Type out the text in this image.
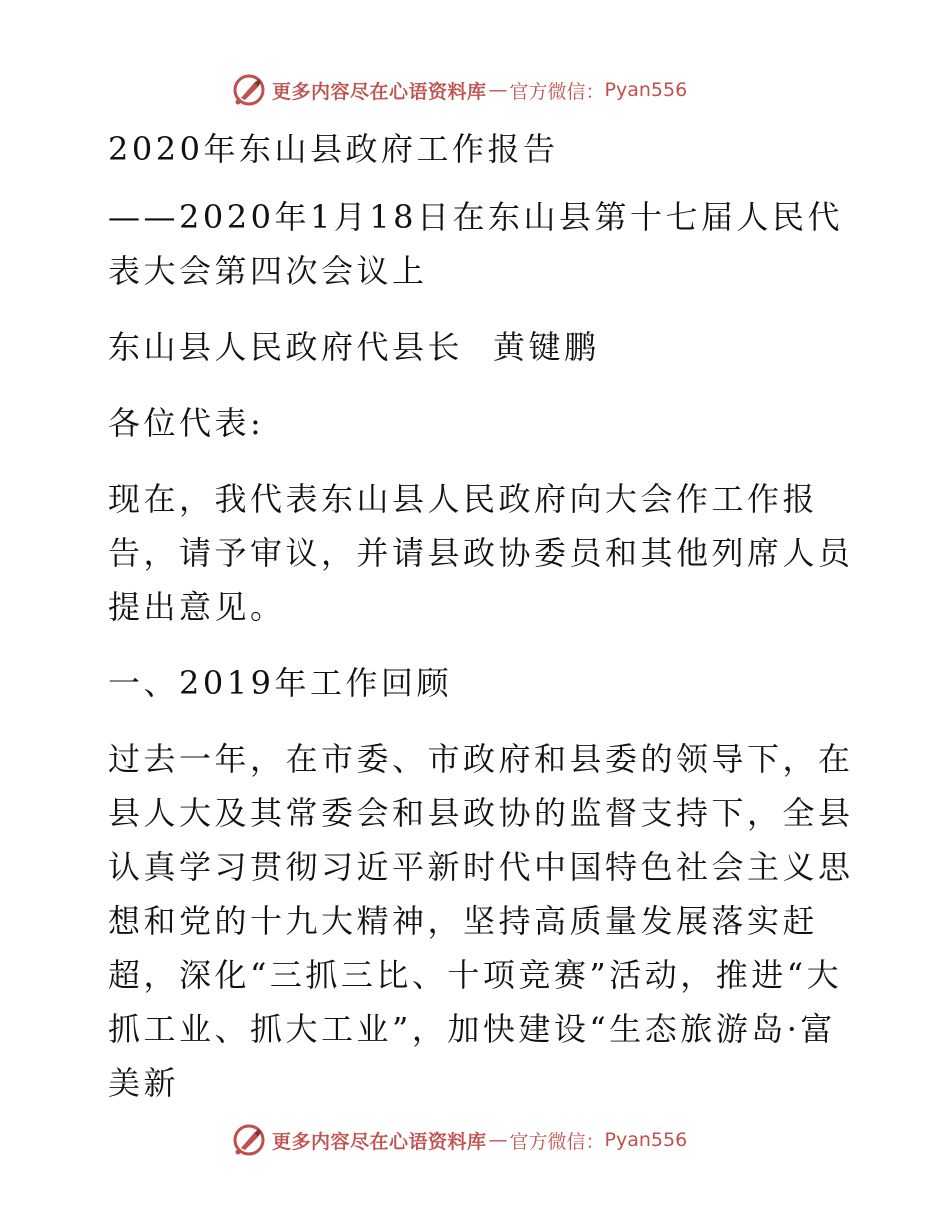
更多内容尽在心语资料库 — 官方微信： Pyan556

2020年东山县政府工作报告

——2020年1月18日在东山县第十七届人民代表大会第四次会议上

东山县人民政府代县长 黄键鹏

各位代表:

现在，我代表东山县人民政府向大会作工作报告，请予审议，并请县政协委员和其他列席人员提出意见。

一、2019年工作回顾

过去一年，在市委、市政府和县委的领导下，在县人大及其常委会和县政协的监督支持下，全县认真学习贯彻习近平新时代中国特色社会主义思想和党的十九大精神，坚持高质量发展落实赶超，深化“三抓三比、十项竞赛”活动，推进“大抓工业、抓大工业”，加快建设“生态旅游岛·富美新

更多内容尽在心语资料库 — 官方微信： Pyan556
